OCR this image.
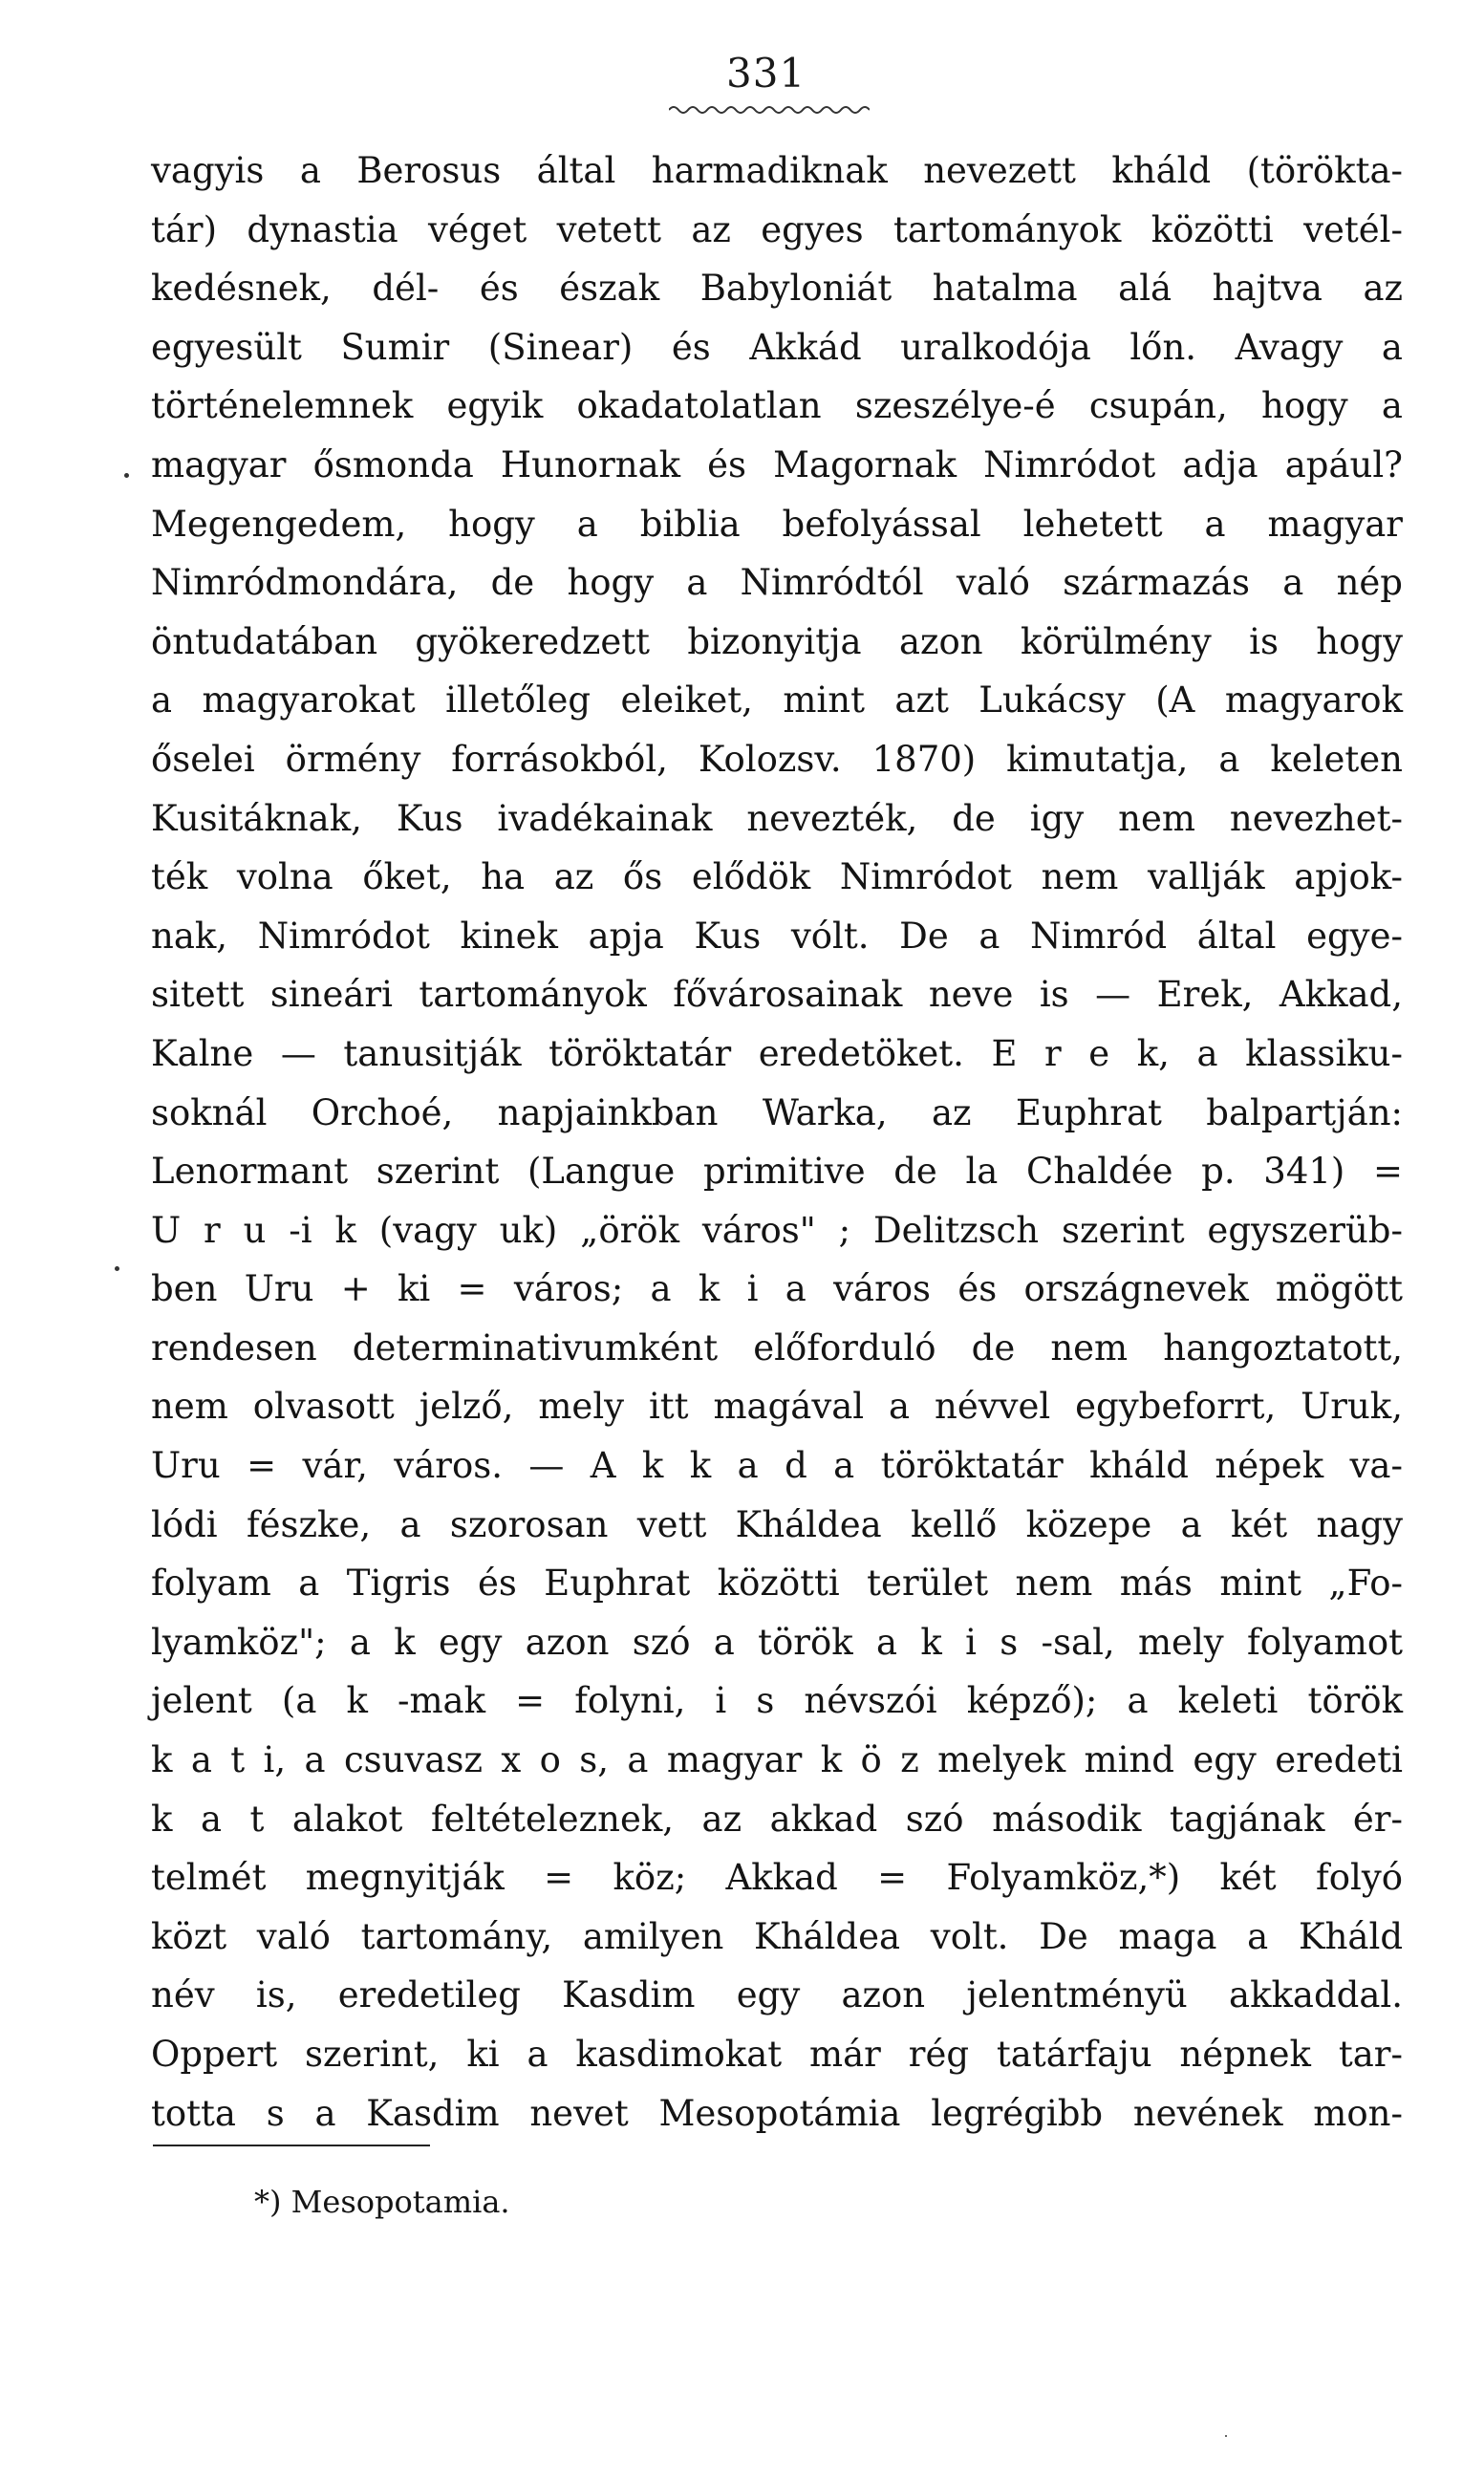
331
vagyis a Berosus által harmadiknak nevezett kháld (töröktа-
tár) dynastia véget vetett az egyes tartományok közötti vetél-
kedésnek, dél- és észak Babyloniát hatalma alá hajtva az
egyesült Sumir (Sinear) és Akkád uralkodója lőn. Avagy a
történelemnek egyik okadatolatlan szeszélye-é csupán, hogy a
magyar ősmonda Hunornak és Magornak Nimródot adja apául?
Megengedem, hogy a biblia befolyással lehetett a magyar
Nimródmondára, de hogy a Nimródtól való származás a nép
öntudatában gyökeredzett bizonyitja azon körülmény is hogy
a magyarokat illetőleg eleiket, mint azt Lukácsy (A magyarok
őselei örmény forrásokból, Kolozsv. 1870) kimutatja, a keleten
Kusitáknak, Kus ivadékainak nevezték, de igy nem nevezhet-
ték volna őket, ha az ős elődök Nimródot nem vallják apjok-
nak, Nimródot kinek apja Kus vólt. De a Nimród által egye-
sitett sineári tartományok fővárosainak neve is — Erek, Akkad,
Kalne — tanusitják töröktatár eredetöket. E r e k, a klassiku-
soknál Orchoé, napjainkban Warka, az Euphrat balpartján:
Lenormant szerint (Langue primitive de la Chaldée p. 341) =
U r u -i k (vagy uk) „örök város" ; Delitzsch szerint egyszerüb-
ben Uru + ki = város; a k i a város és országnevek mögött
rendesen determinativumként előforduló de nem hangoztatott,
nem olvasott jelző, mely itt magával a névvel egybeforrt, Uruk,
Uru = vár, város. — A k k a d a töröktatár kháld népek va-
lódi fészke, a szorosan vett Kháldea kellő közepe a két nagy
folyam a Tigris és Euphrat közötti terület nem más mint „Fo-
lyamköz"; a k egy azon szó a török a k i s -sal, mely folyamot
jelent (a k -mak = folyni, i s névszói képző); a keleti török
k a t i, a csuvasz x o s, a magyar k ö z melyek mind egy eredeti
k a t alakot feltételeznek, az akkad szó második tagjának ér-
telmét megnyitják = köz; Akkad = Folyamköz,*) két folyó
közt való tartomány, amilyen Kháldea volt. De maga a Kháld
név is, eredetileg Kasdim egy azon jelentményü akkaddal.
Oppert szerint, ki a kasdimokat már rég tatárfaju népnek tar-
totta s a Kasdim nevet Mesopotámia legrégibb nevének mon-
*) Mesopotamia.
